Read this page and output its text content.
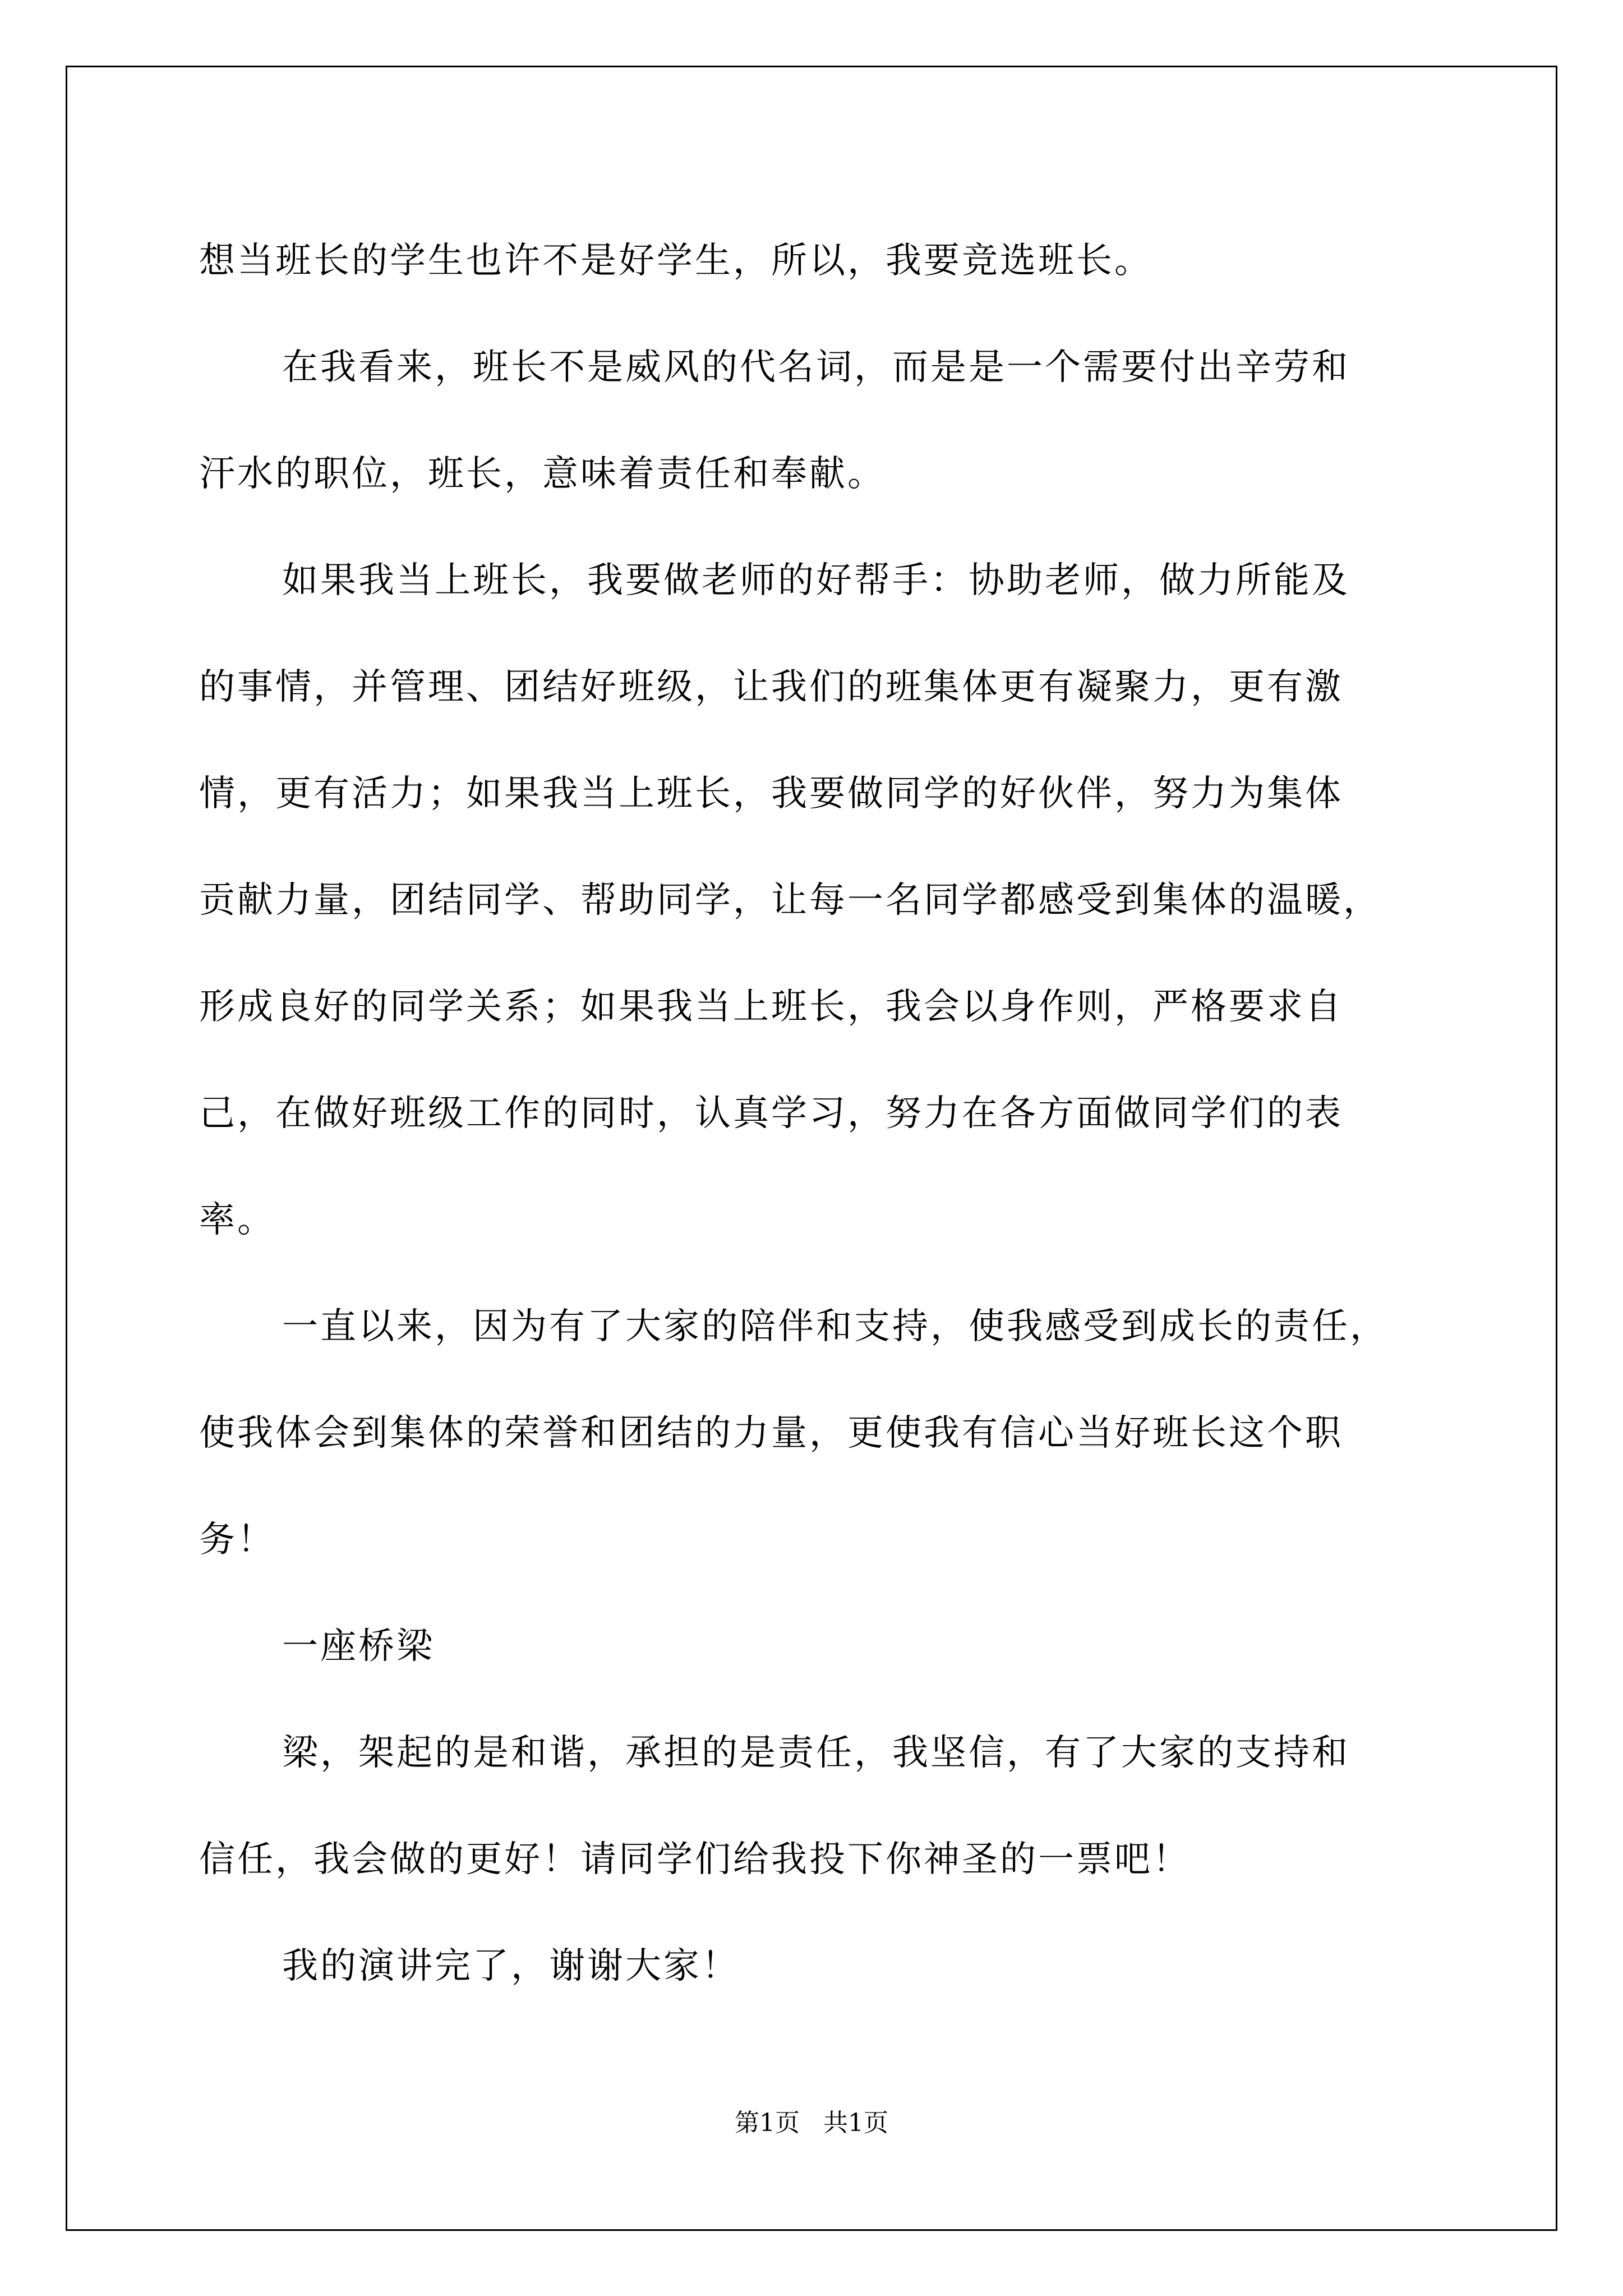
想当班长的学生也许不是好学生，所以，我要竞选班长。
在我看来，班长不是威风的代名词，而是是一个需要付出辛劳和
汗水的职位，班长，意味着责任和奉献。
如果我当上班长，我要做老师的好帮手：协助老师，做力所能及
的事情，并管理、团结好班级，让我们的班集体更有凝聚力，更有激
情，更有活力；如果我当上班长，我要做同学的好伙伴，努力为集体
贡献力量，团结同学、帮助同学，让每一名同学都感受到集体的温暖，
形成良好的同学关系；如果我当上班长，我会以身作则，严格要求自
己，在做好班级工作的同时，认真学习，努力在各方面做同学们的表
率。
一直以来，因为有了大家的陪伴和支持，使我感受到成长的责任，
使我体会到集体的荣誉和团结的力量，更使我有信心当好班长这个职
务！
一座桥梁
梁，架起的是和谐，承担的是责任，我坚信，有了大家的支持和
信任，我会做的更好！请同学们给我投下你神圣的一票吧！
我的演讲完了，谢谢大家！
第1页   共1页
